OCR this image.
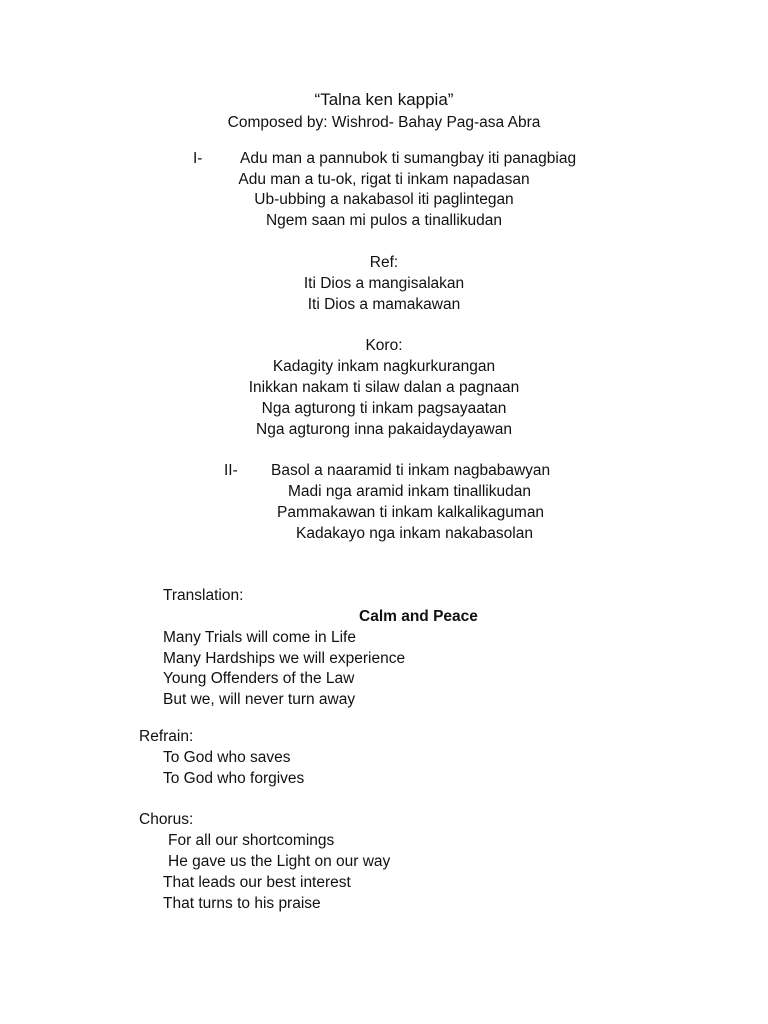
“Talna ken kappia”
Composed by: Wishrod- Bahay Pag-asa Abra
I- Adu man a pannubok ti sumangbay iti panagbiag
Adu man a tu-ok, rigat ti inkam napadasan
Ub-ubbing a nakabasol iti paglintegan
Ngem saan mi pulos a tinallikudan
Ref:
Iti Dios a mangisalakan
Iti Dios a mamakawan
Koro:
Kadagity inkam nagkurkurangan
Inikkan nakam ti silaw dalan a pagnaan
Nga agturong ti inkam pagsayaatan
Nga agturong inna pakaidaydayawan
II- Basol a naaramid ti inkam nagbabawyan
Madi nga aramid inkam tinallikudan
Pammakawan ti inkam kalkalikaguman
Kadakayo nga inkam nakabasolan
Translation:
Calm and Peace
Many Trials will come in Life
Many Hardships we will experience
Young Offenders of the Law
But we, will never turn away
Refrain:
To God who saves
To God who forgives
Chorus:
For all our shortcomings
He gave us the Light on our way
That leads our best interest
That turns to his praise
